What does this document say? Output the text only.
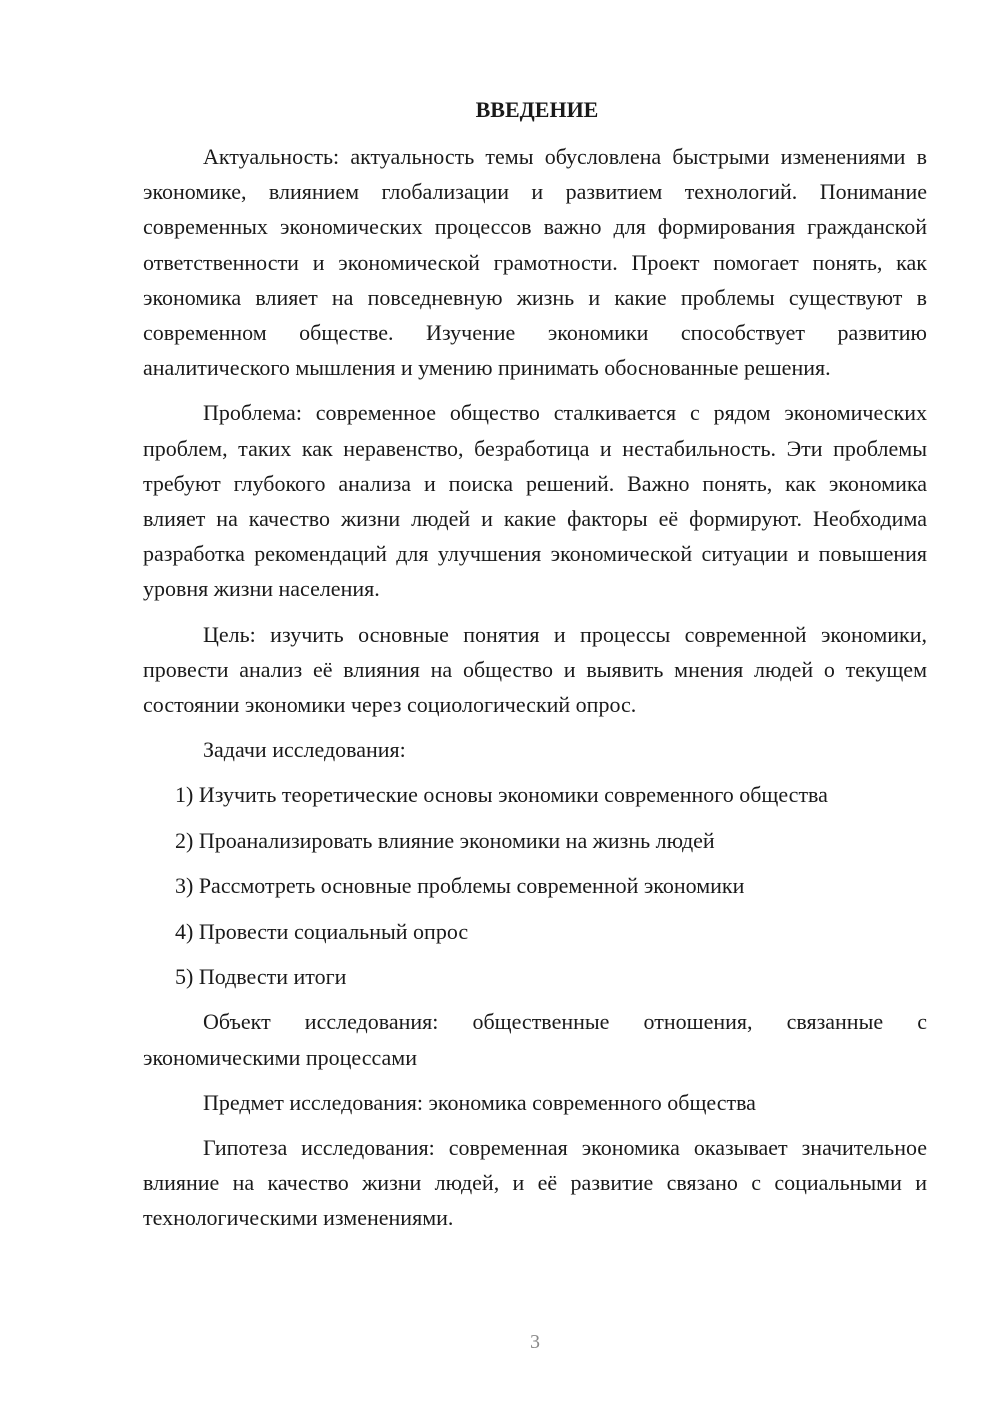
ВВЕДЕНИЕ

Актуальность: актуальность темы обусловлена быстрыми изменениями в экономике, влиянием глобализации и развитием технологий. Понимание современных экономических процессов важно для формирования гражданской ответственности и экономической грамотности. Проект помогает понять, как экономика влияет на повседневную жизнь и какие проблемы существуют в современном обществе. Изучение экономики способствует развитию аналитического мышления и умению принимать обоснованные решения.

Проблема: современное общество сталкивается с рядом экономических проблем, таких как неравенство, безработица и нестабильность. Эти проблемы требуют глубокого анализа и поиска решений. Важно понять, как экономика влияет на качество жизни людей и какие факторы её формируют. Необходима разработка рекомендаций для улучшения экономической ситуации и повышения уровня жизни населения.

Цель: изучить основные понятия и процессы современной экономики, провести анализ её влияния на общество и выявить мнения людей о текущем состоянии экономики через социологический опрос.

Задачи исследования:

1) Изучить теоретические основы экономики современного общества
2) Проанализировать влияние экономики на жизнь людей
3) Рассмотреть основные проблемы современной экономики
4) Провести социальный опрос
5) Подвести итоги

Объект исследования: общественные отношения, связанные с экономическими процессами

Предмет исследования: экономика современного общества

Гипотеза исследования: современная экономика оказывает значительное влияние на качество жизни людей, и её развитие связано с социальными и технологическими изменениями.

3
